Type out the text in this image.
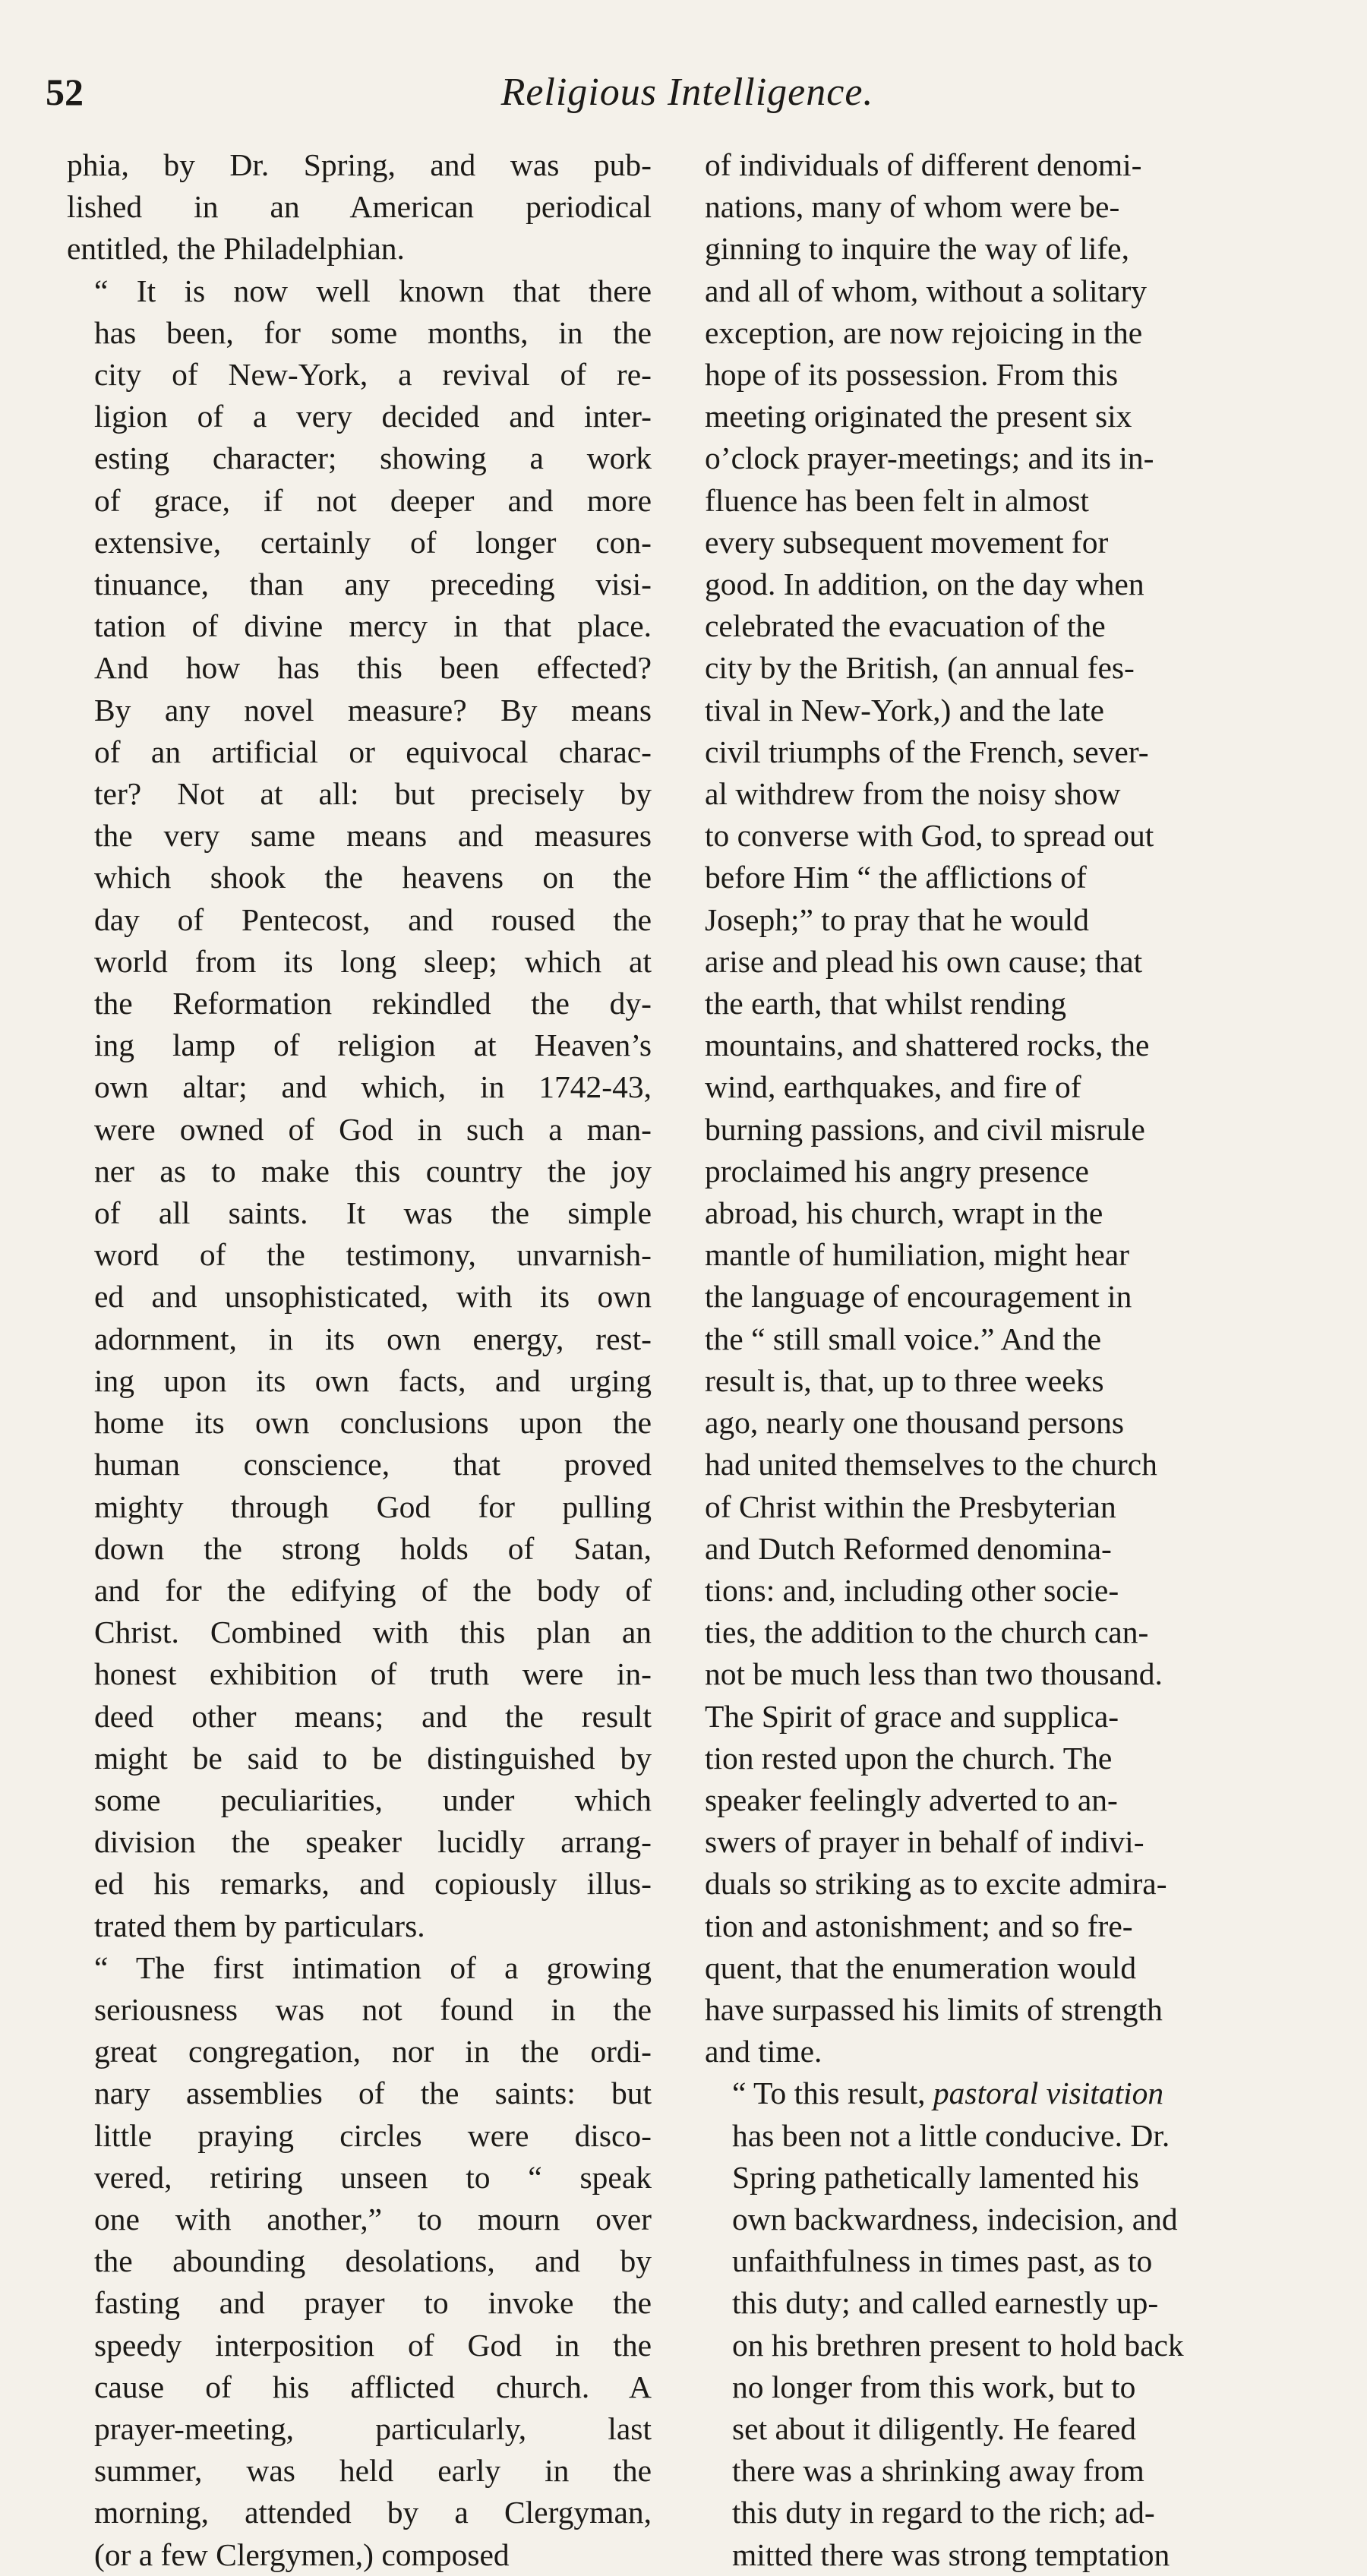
52	Religious Intelligence.

phia, by Dr. Spring, and was pub-
lished in an American periodical
entitled, the Philadelphian.

“ It is now well known that there
has been, for some months, in the
city of New-York, a revival of re-
ligion of a very decided and inter-
esting character; showing a work
of grace, if not deeper and more
extensive, certainly of longer con-
tinuance, than any preceding visi-
tation of divine mercy in that place.
And how has this been effected?
By any novel measure? By means
of an artificial or equivocal charac-
ter? Not at all: but precisely by
the very same means and measures
which shook the heavens on the
day of Pentecost, and roused the
world from its long sleep; which at
the Reformation rekindled the dy-
ing lamp of religion at Heaven’s
own altar; and which, in 1742-43,
were owned of God in such a man-
ner as to make this country the joy
of all saints. It was the simple
word of the testimony, unvarnish-
ed and unsophisticated, with its own
adornment, in its own energy, rest-
ing upon its own facts, and urging
home its own conclusions upon the
human conscience, that proved
mighty through God for pulling
down the strong holds of Satan,
and for the edifying of the body of
Christ. Combined with this plan an
honest exhibition of truth were in-
deed other means; and the result
might be said to be distinguished by
some peculiarities, under which
division the speaker lucidly arrang-
ed his remarks, and copiously illus-
trated them by particulars.

“ The first intimation of a growing
seriousness was not found in the
great congregation, nor in the ordi-
nary assemblies of the saints: but
little praying circles were disco-
vered, retiring unseen to “ speak
one with another,” to mourn over
the abounding desolations, and by
fasting and prayer to invoke the
speedy interposition of God in the
cause of his afflicted church. A
prayer-meeting, particularly, last
summer, was held early in the
morning, attended by a Clergyman,
(or a few Clergymen,) composed

of individuals of different denomi-
nations, many of whom were be-
ginning to inquire the way of life,
and all of whom, without a solitary
exception, are now rejoicing in the
hope of its possession. From this
meeting originated the present six
o’clock prayer-meetings; and its in-
fluence has been felt in almost
every subsequent movement for
good. In addition, on the day when
celebrated the evacuation of the
city by the British, (an annual fes-
tival in New-York,) and the late
civil triumphs of the French, sever-
al withdrew from the noisy show
to converse with God, to spread out
before Him “ the afflictions of
Joseph;” to pray that he would
arise and plead his own cause; that
the earth, that whilst rending
mountains, and shattered rocks, the
wind, earthquakes, and fire of
burning passions, and civil misrule
proclaimed his angry presence
abroad, his church, wrapt in the
mantle of humiliation, might hear
the language of encouragement in
the “ still small voice.” And the
result is, that, up to three weeks
ago, nearly one thousand persons
had united themselves to the church
of Christ within the Presbyterian
and Dutch Reformed denomina-
tions: and, including other socie-
ties, the addition to the church can-
not be much less than two thousand.
The Spirit of grace and supplica-
tion rested upon the church. The
speaker feelingly adverted to an-
swers of prayer in behalf of indivi-
duals so striking as to excite admira-
tion and astonishment; and so fre-
quent, that the enumeration would
have surpassed his limits of strength
and time.

“ To this result, pastoral visitation
has been not a little conducive. Dr.
Spring pathetically lamented his
own backwardness, indecision, and
unfaithfulness in times past, as to
this duty; and called earnestly up-
on his brethren present to hold back
no longer from this work, but to
set about it diligently. He feared
there was a shrinking away from
this duty in regard to the rich; ad-
mitted there was strong temptation
